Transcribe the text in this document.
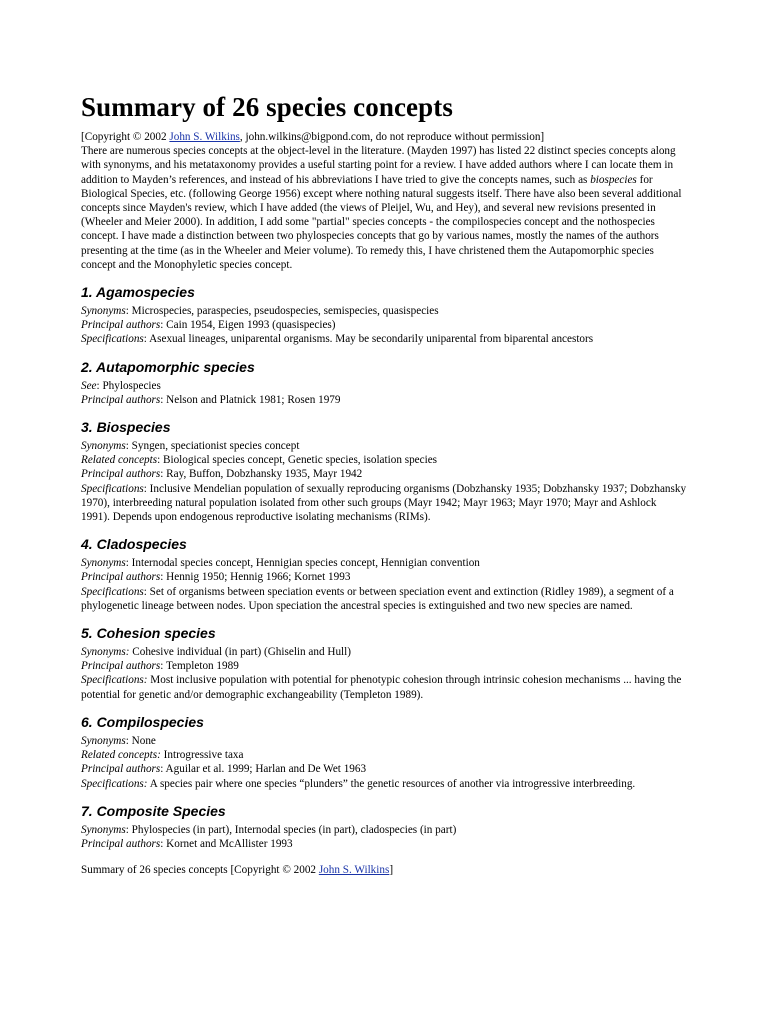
Summary of 26 species concepts

[Copyright © 2002 John S. Wilkins, john.wilkins@bigpond.com, do not reproduce without permission]

There are numerous species concepts at the object-level in the literature. (Mayden 1997) has listed 22 distinct species concepts along with synonyms, and his metataxonomy provides a useful starting point for a review. I have added authors where I can locate them in addition to Mayden’s references, and instead of his abbreviations I have tried to give the concepts names, such as biospecies for Biological Species, etc. (following George 1956) except where nothing natural suggests itself. There have also been several additional concepts since Mayden's review, which I have added (the views of Pleijel, Wu, and Hey), and several new revisions presented in (Wheeler and Meier 2000). In addition, I add some "partial" species concepts - the compilospecies concept and the nothospecies concept. I have made a distinction between two phylospecies concepts that go by various names, mostly the names of the authors presenting at the time (as in the Wheeler and Meier volume). To remedy this, I have christened them the Autapomorphic species concept and the Monophyletic species concept.

1. Agamospecies

Synonyms: Microspecies, paraspecies, pseudospecies, semispecies, quasispecies

Principal authors: Cain 1954, Eigen 1993 (quasispecies)

Specifications: Asexual lineages, uniparental organisms. May be secondarily uniparental from biparental ancestors

2. Autapomorphic species

See: Phylospecies

Principal authors: Nelson and Platnick 1981; Rosen 1979

3. Biospecies

Synonyms: Syngen, speciationist species concept

Related concepts: Biological species concept, Genetic species, isolation species

Principal authors: Ray, Buffon, Dobzhansky 1935, Mayr 1942

Specifications: Inclusive Mendelian population of sexually reproducing organisms (Dobzhansky 1935; Dobzhansky 1937; Dobzhansky 1970), interbreeding natural population isolated from other such groups (Mayr 1942; Mayr 1963; Mayr 1970; Mayr and Ashlock 1991). Depends upon endogenous reproductive isolating mechanisms (RIMs).

4. Cladospecies

Synonyms: Internodal species concept, Hennigian species concept, Hennigian convention

Principal authors: Hennig 1950; Hennig 1966; Kornet 1993

Specifications: Set of organisms between speciation events or between speciation event and extinction (Ridley 1989), a segment of a phylogenetic lineage between nodes. Upon speciation the ancestral species is extinguished and two new species are named.

5. Cohesion species

Synonyms: Cohesive individual (in part) (Ghiselin and Hull)

Principal authors: Templeton 1989

Specifications: Most inclusive population with potential for phenotypic cohesion through intrinsic cohesion mechanisms ... having the potential for genetic and/or demographic exchangeability (Templeton 1989).

6. Compilospecies

Synonyms: None

Related concepts: Introgressive taxa

Principal authors: Aguilar et al. 1999; Harlan and De Wet 1963

Specifications: A species pair where one species “plunders” the genetic resources of another via introgressive interbreeding.

7. Composite Species

Synonyms: Phylospecies (in part), Internodal species (in part), cladospecies (in part)

Principal authors: Kornet and McAllister 1993

Summary of 26 species concepts [Copyright © 2002 John S. Wilkins]
